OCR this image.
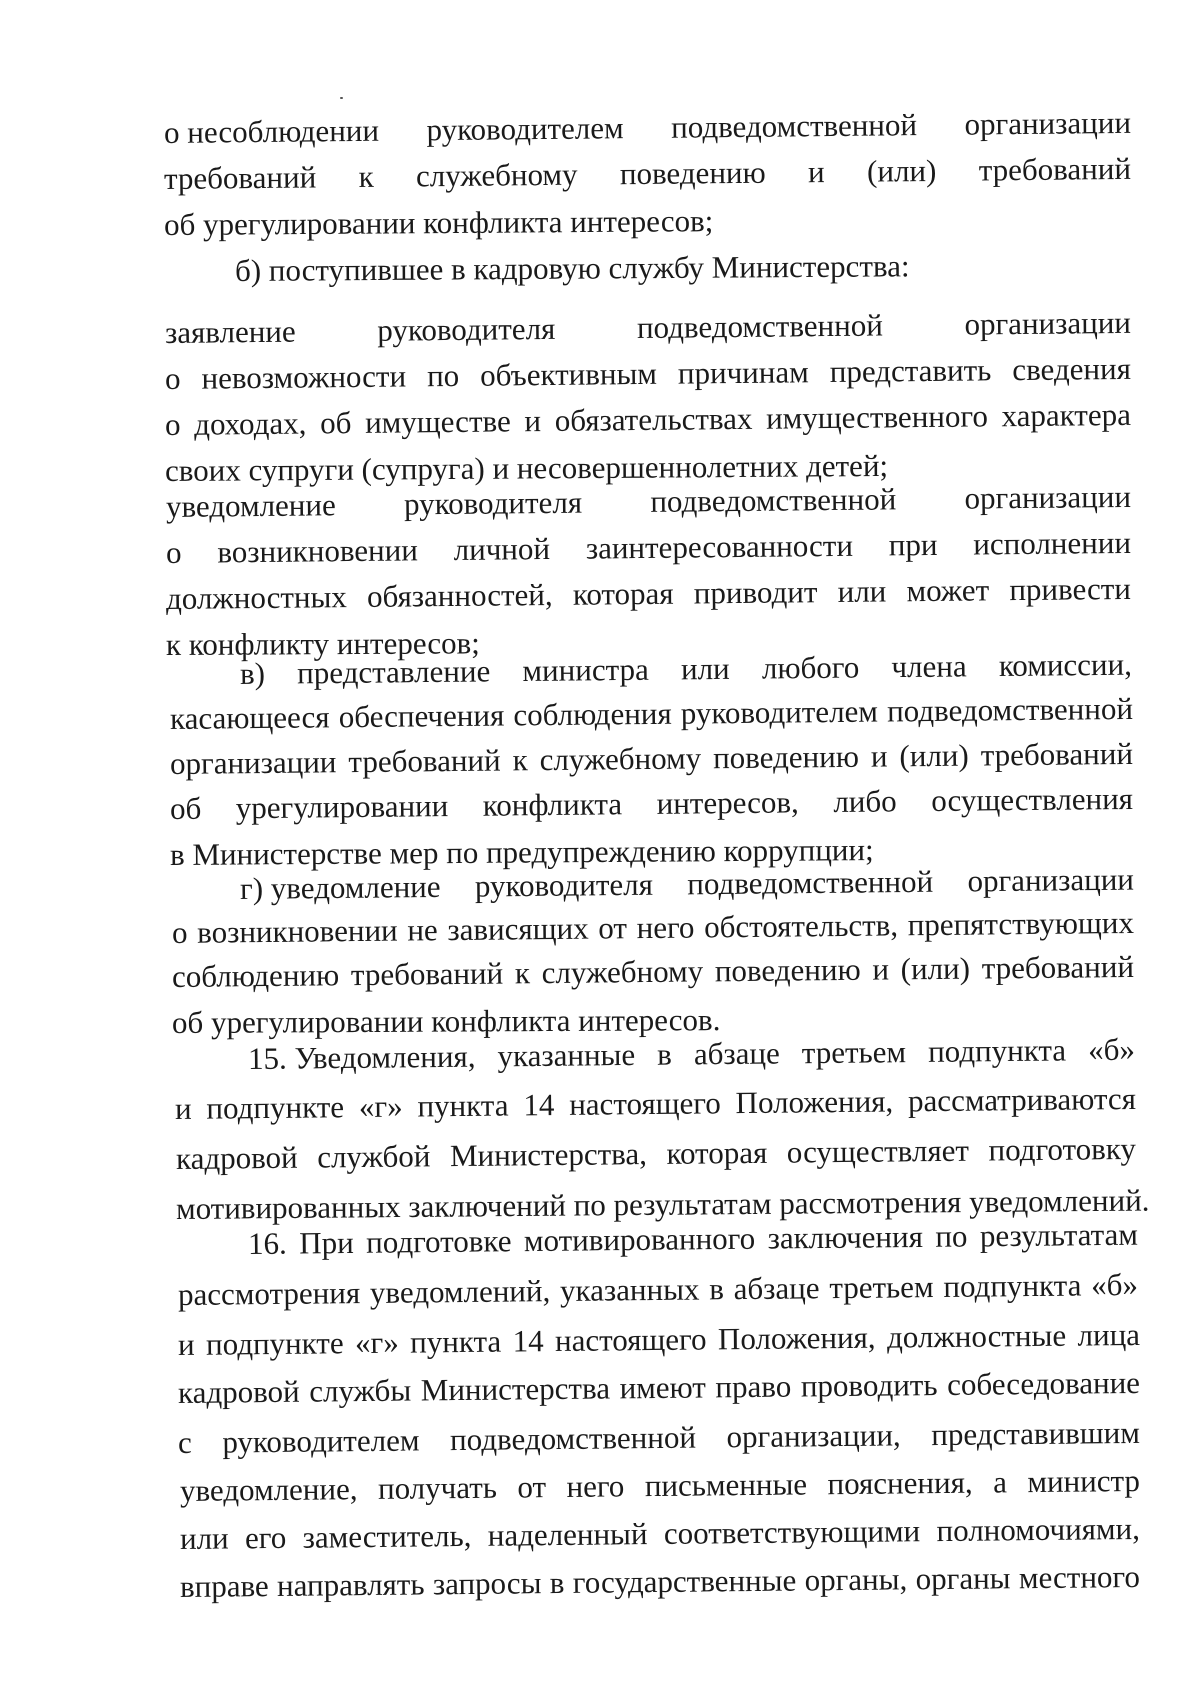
о несоблюдении руководителем подведомственной организации
требований к служебному поведению и (или) требований
об урегулировании конфликта интересов;
б) поступившее в кадровую службу Министерства:
заявление	руководителя	подведомственной	организации
о невозможности по объективным причинам представить сведения
о доходах, об имуществе и обязательствах имущественного характера
своих супруги (супруга) и несовершеннолетних детей;
уведомление руководителя подведомственной организации
о возникновении личной заинтересованности при исполнении
должностных обязанностей, которая приводит или может привести
к конфликту интересов;
в) представление министра или любого члена комиссии,
касающееся обеспечения соблюдения руководителем подведомственной
организации требований к служебному поведению и (или) требований
об урегулировании конфликта интересов, либо осуществления
в Министерстве мер по предупреждению коррупции;
г) уведомление руководителя подведомственной организации
о возникновении не зависящих от него обстоятельств, препятствующих
соблюдению требований к служебному поведению и (или) требований
об урегулировании конфликта интересов.
15. Уведомления, указанные в абзаце третьем подпункта «б»
и подпункте «г» пункта 14 настоящего Положения, рассматриваются
кадровой службой Министерства, которая осуществляет подготовку
мотивированных заключений по результатам рассмотрения уведомлений.
16. При подготовке мотивированного заключения по результатам
рассмотрения уведомлений, указанных в абзаце третьем подпункта «б»
и подпункте «г» пункта 14 настоящего Положения, должностные лица
кадровой службы Министерства имеют право проводить собеседование
с руководителем подведомственной организации, представившим
уведомление, получать от него письменные пояснения, а министр
или его заместитель, наделенный соответствующими полномочиями,
вправе направлять запросы в государственные органы, органы местного
